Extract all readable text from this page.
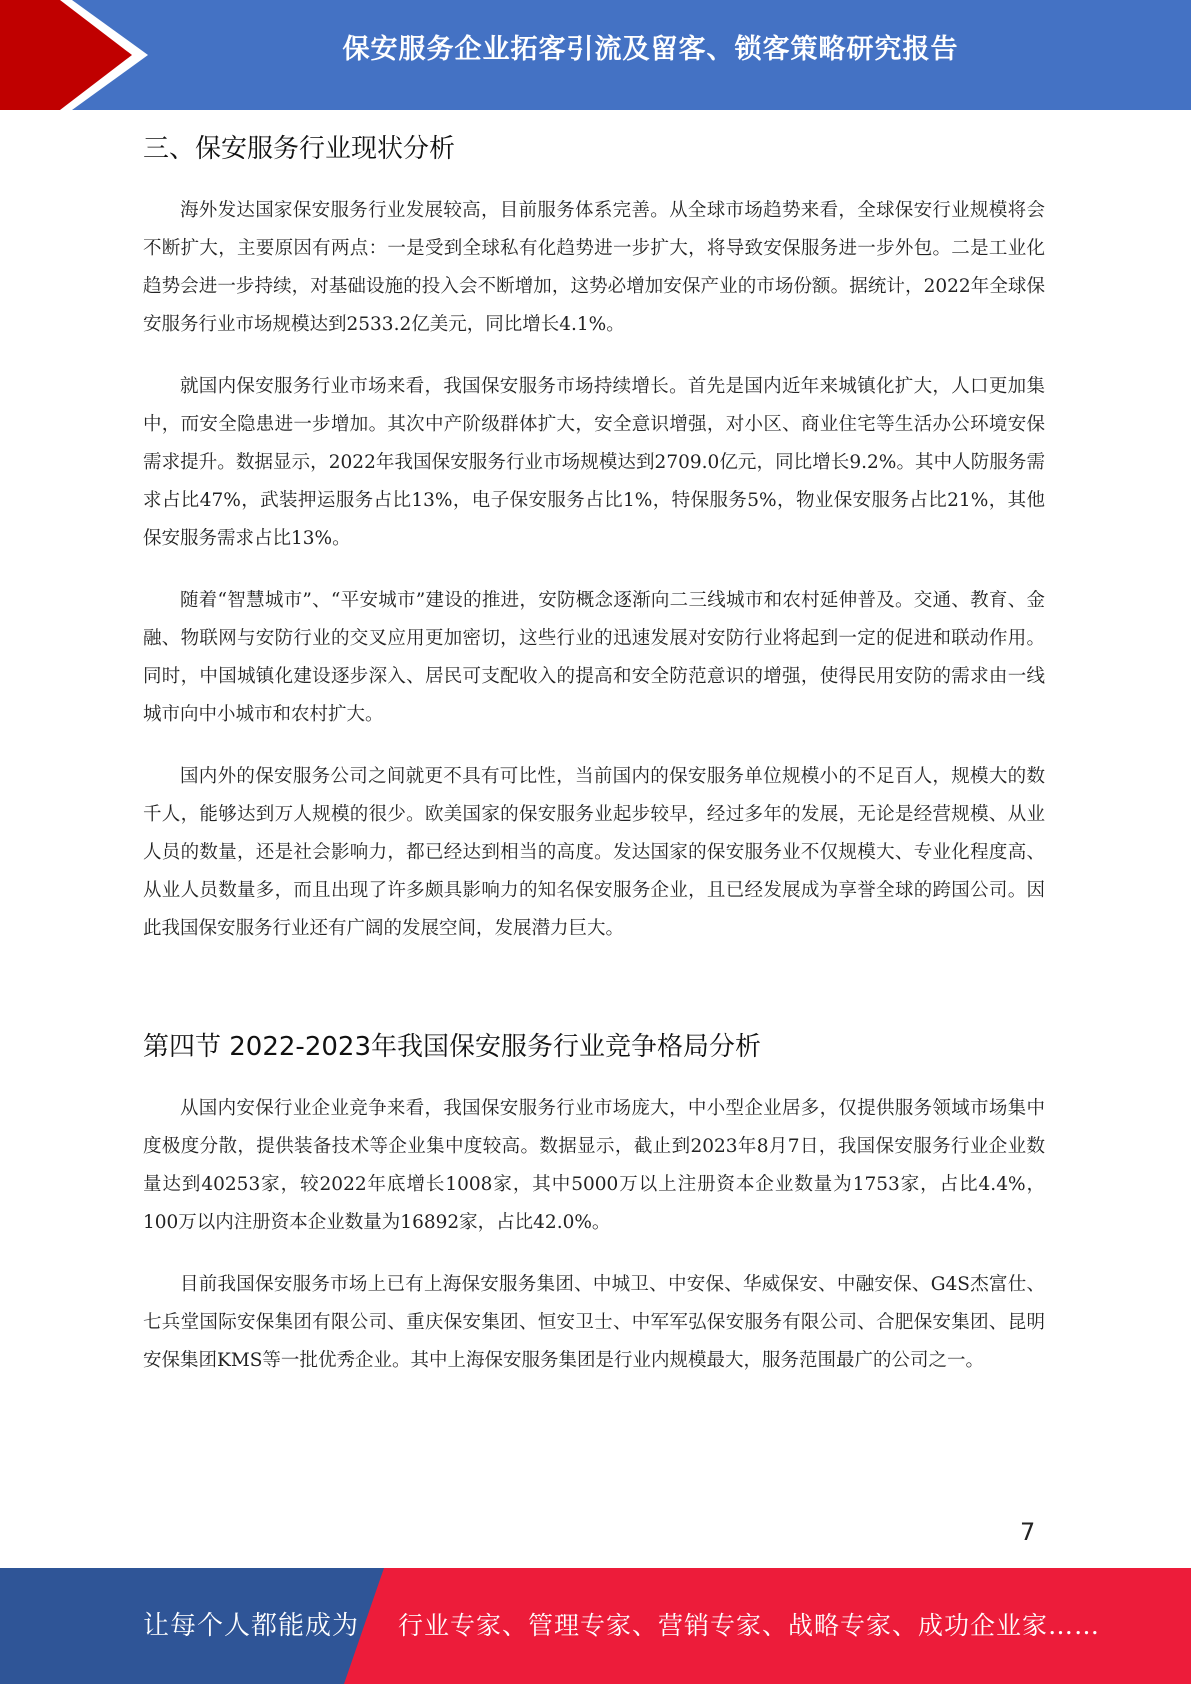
保安服务企业拓客引流及留客、锁客策略研究报告
三、保安服务行业现状分析

海外发达国家保安服务行业发展较高，目前服务体系完善。从全球市场趋势来看，全球保安行业规模将会不断扩大，主要原因有两点：一是受到全球私有化趋势进一步扩大，将导致安保服务进一步外包。二是工业化趋势会进一步持续，对基础设施的投入会不断增加，这势必增加安保产业的市场份额。据统计，2022年全球保安服务行业市场规模达到2533.2亿美元，同比增长4.1%。

就国内保安服务行业市场来看，我国保安服务市场持续增长。首先是国内近年来城镇化扩大，人口更加集中，而安全隐患进一步增加。其次中产阶级群体扩大，安全意识增强，对小区、商业住宅等生活办公环境安保需求提升。数据显示，2022年我国保安服务行业市场规模达到2709.0亿元，同比增长9.2%。其中人防服务需求占比47%，武装押运服务占比13%，电子保安服务占比1%，特保服务5%，物业保安服务占比21%，其他保安服务需求占比13%。

随着“智慧城市”、“平安城市”建设的推进，安防概念逐渐向二三线城市和农村延伸普及。交通、教育、金融、物联网与安防行业的交叉应用更加密切，这些行业的迅速发展对安防行业将起到一定的促进和联动作用。同时，中国城镇化建设逐步深入、居民可支配收入的提高和安全防范意识的增强，使得民用安防的需求由一线城市向中小城市和农村扩大。

国内外的保安服务公司之间就更不具有可比性，当前国内的保安服务单位规模小的不足百人，规模大的数千人，能够达到万人规模的很少。欧美国家的保安服务业起步较早，经过多年的发展，无论是经营规模、从业人员的数量，还是社会影响力，都已经达到相当的高度。发达国家的保安服务业不仅规模大、专业化程度高、从业人员数量多，而且出现了许多颇具影响力的知名保安服务企业，且已经发展成为享誉全球的跨国公司。因此我国保安服务行业还有广阔的发展空间，发展潜力巨大。

第四节 2022-2023年我国保安服务行业竞争格局分析

从国内安保行业企业竞争来看，我国保安服务行业市场庞大，中小型企业居多，仅提供服务领域市场集中度极度分散，提供装备技术等企业集中度较高。数据显示，截止到2023年8月7日，我国保安服务行业企业数量达到40253家，较2022年底增长1008家，其中5000万以上注册资本企业数量为1753家，占比4.4%，100万以内注册资本企业数量为16892家，占比42.0%。

目前我国保安服务市场上已有上海保安服务集团、中城卫、中安保、华威保安、中融安保、G4S杰富仕、七兵堂国际安保集团有限公司、重庆保安集团、恒安卫士、中军军弘保安服务有限公司、合肥保安集团、昆明安保集团KMS等一批优秀企业。其中上海保安服务集团是行业内规模最大，服务范围最广的公司之一。

7
让每个人都能成为 行业专家、管理专家、营销专家、战略专家、成功企业家……
